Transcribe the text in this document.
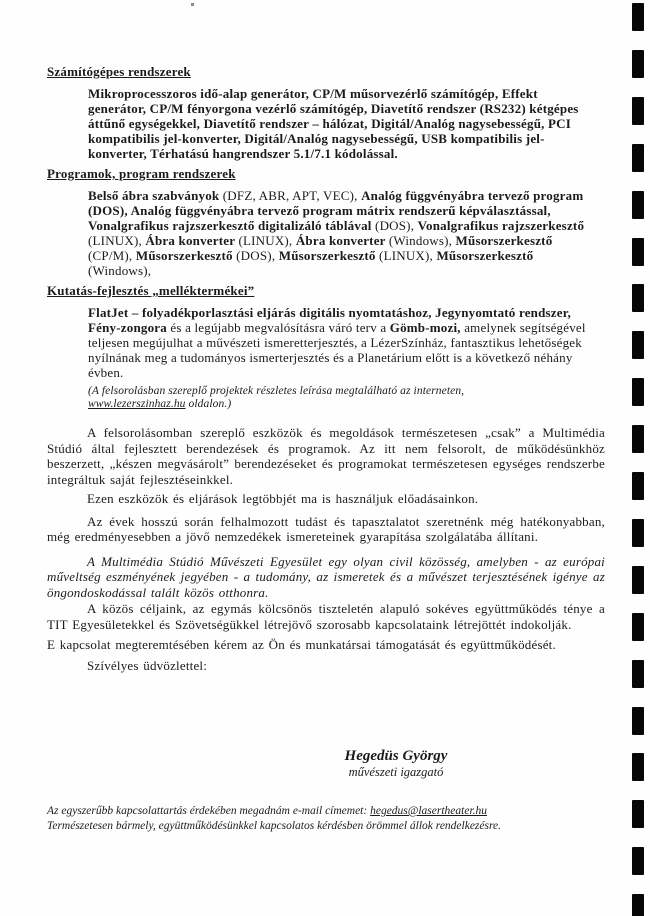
Számítógépes rendszerek

Mikroprocesszoros idő-alap generátor, CP/M műsorvezérlő számítógép, Effekt generátor, CP/M fényorgona vezérlő számítógép, Diavetítő rendszer (RS232) kétgépes áttűnő egységekkel, Diavetítő rendszer – hálózat, Digitál/Analóg nagysebességű, PCI kompatibilis jel-konverter, Digitál/Analóg nagysebességű, USB kompatibilis jel-konverter, Térhatású hangrendszer 5.1/7.1 kódolással.

Programok, program rendszerek

Belső ábra szabványok (DFZ, ABR, APT, VEC), Analóg függvényábra tervező program (DOS), Analóg függvényábra tervező program mátrix rendszerű képválasztással, Vonalgrafikus rajzszerkesztő digitalizáló táblával (DOS), Vonalgrafikus rajzszerkesztő (LINUX), Ábra konverter (LINUX), Ábra konverter (Windows), Műsorszerkesztő (CP/M), Műsorszerkesztő (DOS), Műsorszerkesztő (LINUX), Műsorszerkesztő (Windows),

Kutatás-fejlesztés „melléktermékei”

FlatJet – folyadékporlasztási eljárás digitális nyomtatáshoz, Jegynyomtató rendszer, Fény-zongora és a legújabb megvalósításra váró terv a Gömb-mozi, amelynek segítségével teljesen megújulhat a művészeti ismeretterjesztés, a LézerSzínház, fantasztikus lehetőségek nyílnának meg a tudományos ismerterjesztés és a Planetárium előtt is a következő néhány évben.

(A felsorolásban szereplő projektek részletes leírása megtalálható az interneten, www.lezerszinhaz.hu oldalon.)

A felsorolásomban szereplő eszközök és megoldások természetesen „csak” a Multimédia Stúdió által fejlesztett berendezések és programok. Az itt nem felsorolt, de működésünkhöz beszerzett, „készen megvásárolt” berendezéseket és programokat természetesen egységes rendszerbe integráltuk saját fejlesztéseinkkel.

Ezen eszközök és eljárások legtöbbjét ma is használjuk előadásainkon.

Az évek hosszú során felhalmozott tudást és tapasztalatot szeretnénk még hatékonyabban, még eredményesebben a jövő nemzedékek ismereteinek gyarapítása szolgálatába állítani.

A Multimédia Stúdió Művészeti Egyesület egy olyan civil közösség, amelyben - az európai műveltség eszményének jegyében - a tudomány, az ismeretek és a művészet terjesztésének igénye az öngondoskodással talált közös otthonra.

A közös céljaink, az egymás kölcsönös tiszteletén alapuló sokéves együttműködés ténye a TIT Egyesületekkel és Szövetségükkel létrejövő szorosabb kapcsolataink létrejöttét indokolják.

E kapcsolat megteremtésében kérem az Ön és munkatársai támogatását és együttműködését.

Szívélyes üdvözlettel:

Hegedüs György
művészeti igazgató
Az egyszerűbb kapcsolattartás érdekében megadnám e-mail címemet: hegedus@lasertheater.hu
Természetesen bármely, együttműködésünkkel kapcsolatos kérdésben örömmel állok rendelkezésre.
